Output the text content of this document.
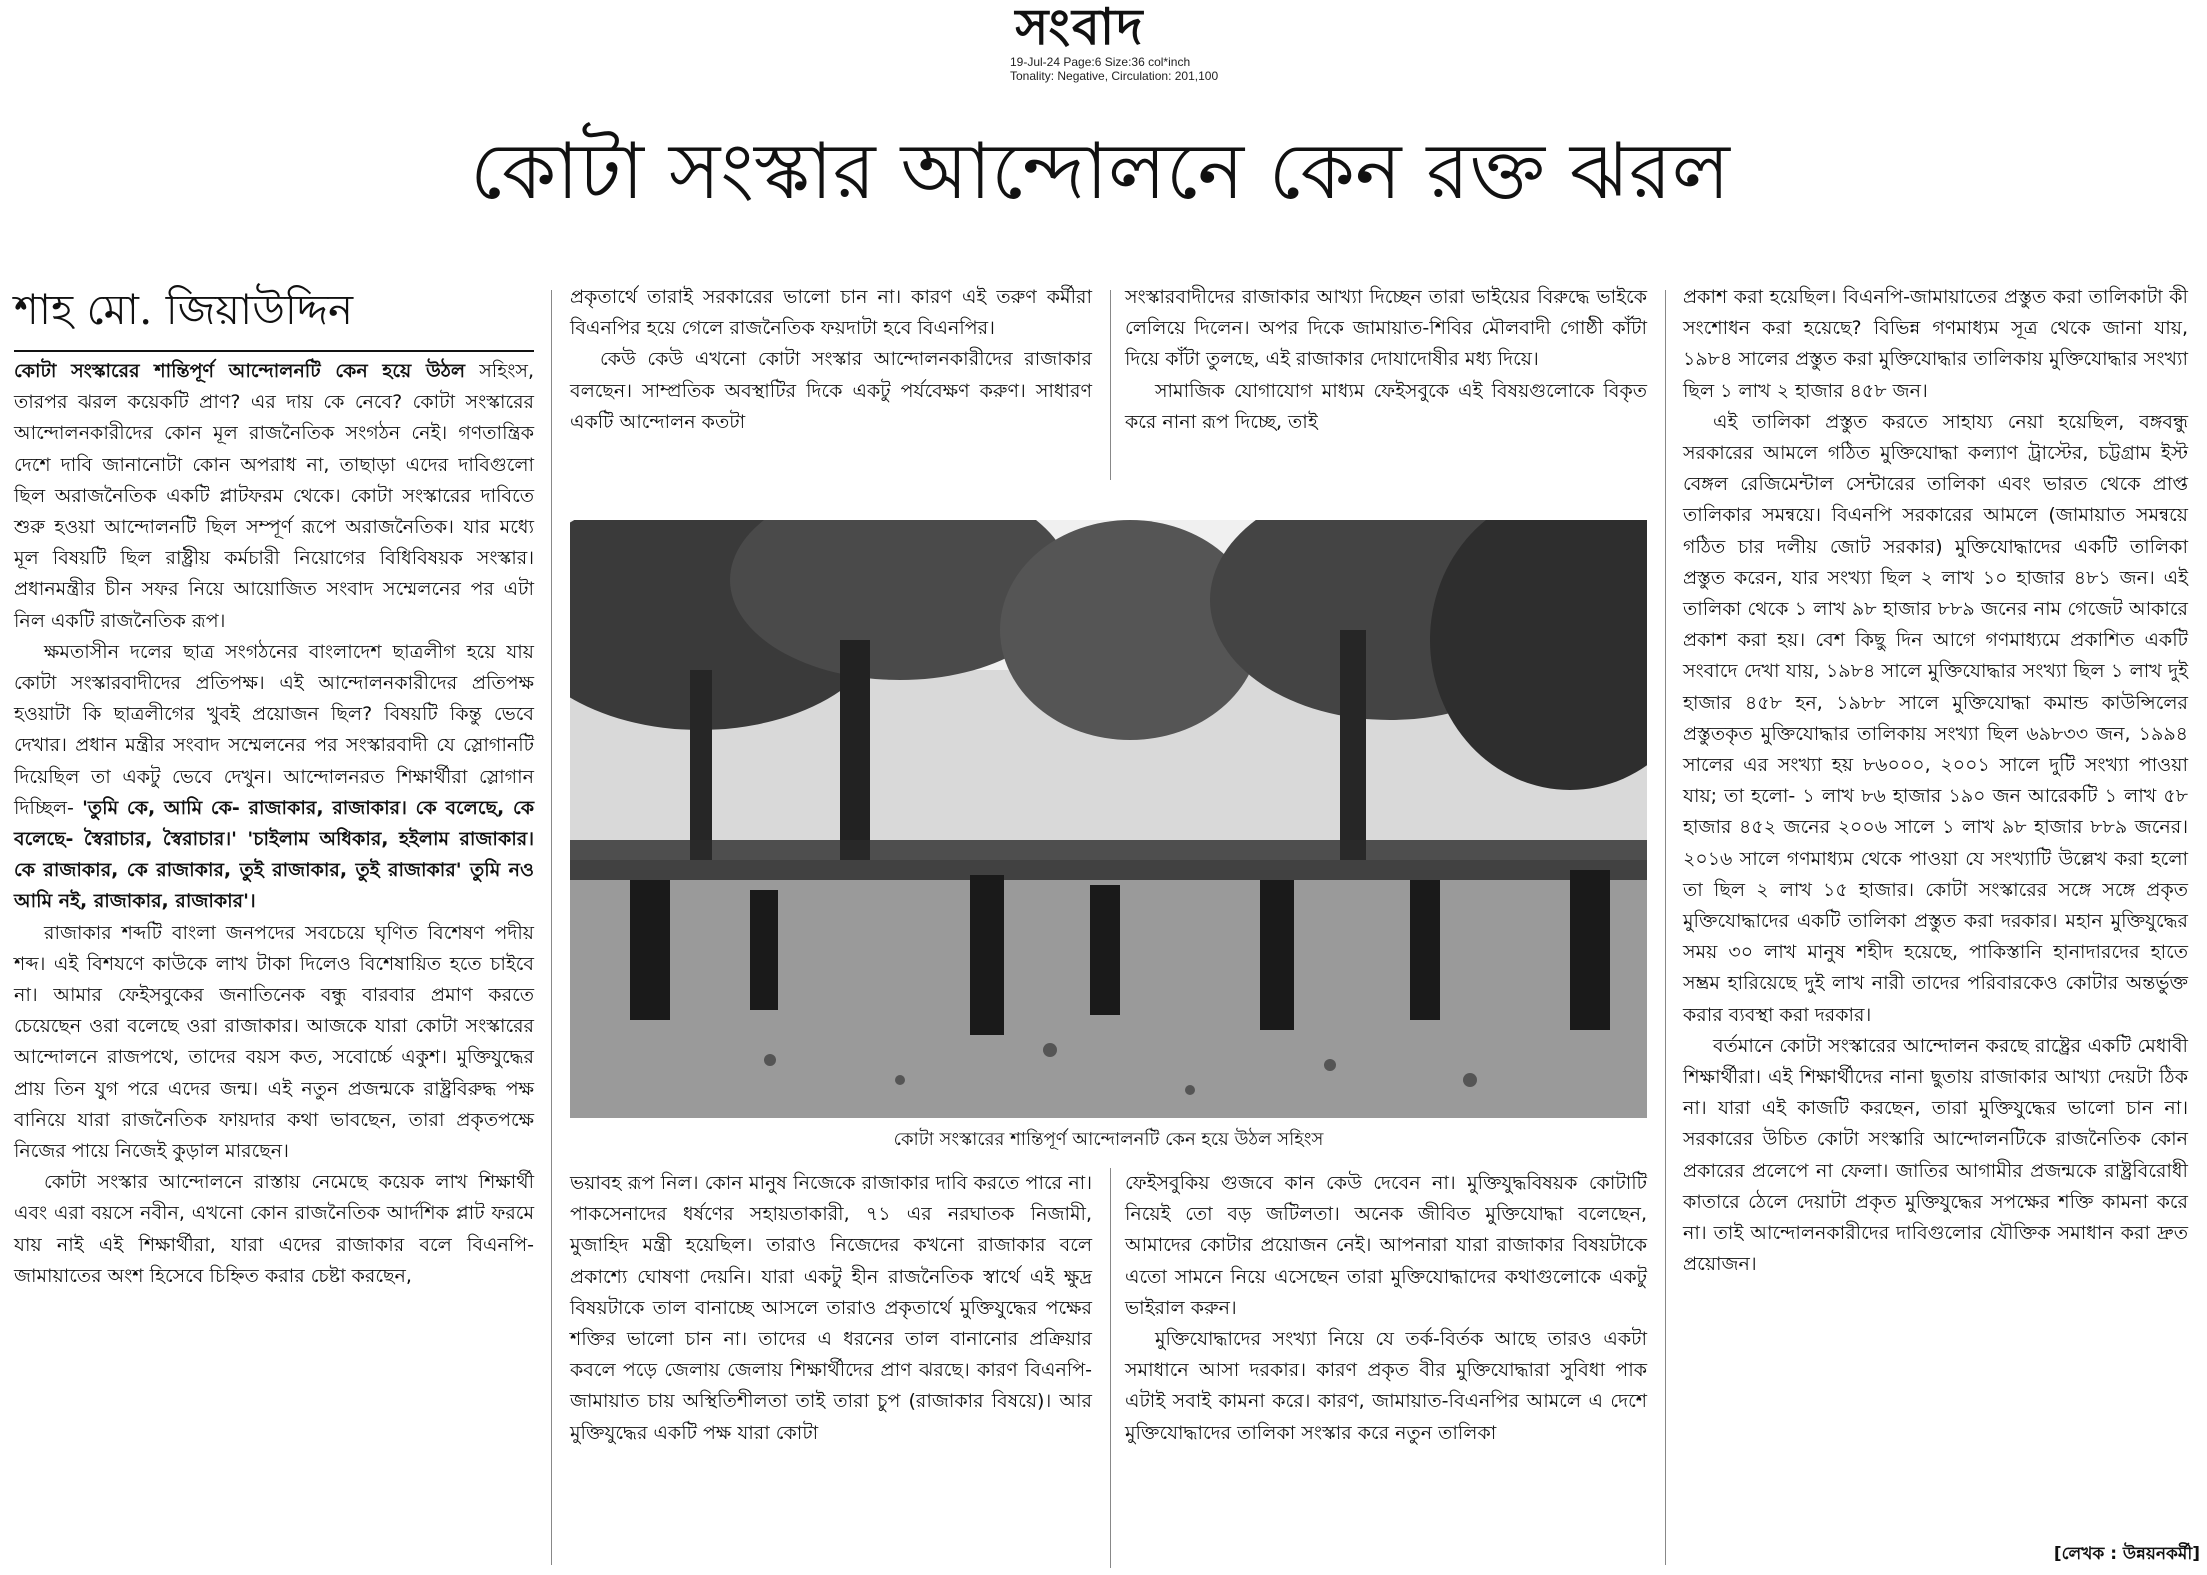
সংবাদ
19-Jul-24 Page:6 Size:36 col*inch
Tonality: Negative, Circulation: 201,100
কোটা সংস্কার আন্দোলনে কেন রক্ত ঝরল
শাহ মো. জিয়াউদ্দিন

কোটা সংস্কারের শান্তিপূর্ণ আন্দোলনটি কেন হয়ে উঠল সহিংস, তারপর ঝরল কয়েকটি প্রাণ? এর দায় কে নেবে? কোটা সংস্কারের আন্দোলনকারীদের কোন মূল রাজনৈতিক সংগঠন নেই। গণতান্ত্রিক দেশে দাবি জানানোটা কোন অপরাধ না, তাছাড়া এদের দাবিগুলো ছিল অরাজনৈতিক একটি প্লাটফরম থেকে। কোটা সংস্কারের দাবিতে শুরু হওয়া আন্দোলনটি ছিল সম্পূর্ণ রূপে অরাজনৈতিক। যার মধ্যে মূল বিষয়টি ছিল রাষ্ট্রীয় কর্মচারী নিয়োগের বিধিবিষয়ক সংস্কার। প্রধানমন্ত্রীর চীন সফর নিয়ে আয়োজিত সংবাদ সম্মেলনের পর এটা নিল একটি রাজনৈতিক রূপ।

ক্ষমতাসীন দলের ছাত্র সংগঠনের বাংলাদেশ ছাত্রলীগ হয়ে যায় কোটা সংস্কারবাদীদের প্রতিপক্ষ। এই আন্দোলনকারীদের প্রতিপক্ষ হওয়াটা কি ছাত্রলীগের খুবই প্রয়োজন ছিল? বিষয়টি কিন্তু ভেবে দেখার। প্রধান মন্ত্রীর সংবাদ সম্মেলনের পর সংস্কারবাদী যে স্লোগানটি দিয়েছিল তা একটু ভেবে দেখুন। আন্দোলনরত শিক্ষার্থীরা স্লোগান দিচ্ছিল- 'তুমি কে, আমি কে- রাজাকার, রাজাকার। কে বলেছে, কে বলেছে- স্বৈরাচার, স্বৈরাচার।' 'চাইলাম অধিকার, হইলাম রাজাকার। কে রাজাকার, কে রাজাকার, তুই রাজাকার, তুই রাজাকার' তুমি নও আমি নই, রাজাকার, রাজাকার'।

রাজাকার শব্দটি বাংলা জনপদের সবচেয়ে ঘৃণিত বিশেষণ পদীয় শব্দ। এই বিশযণে কাউকে লাখ টাকা দিলেও বিশেষায়িত হতে চাইবে না। আমার ফেইসবুকের জনাতিনেক বন্ধু বারবার প্রমাণ করতে চেয়েছেন ওরা বলেছে ওরা রাজাকার। আজকে যারা কোটা সংস্কারের আন্দোলনে রাজপথে, তাদের বয়স কত, সবোর্চ্চে একুশ। মুক্তিযুদ্ধের প্রায় তিন যুগ পরে এদের জন্ম। এই নতুন প্রজন্মকে রাষ্ট্রবিরুদ্ধ পক্ষ বানিয়ে যারা রাজনৈতিক ফায়দার কথা ভাবছেন, তারা প্রকৃতপক্ষে নিজের পায়ে নিজেই কুড়াল মারছেন।

কোটা সংস্কার আন্দোলনে রাস্তায় নেমেছে কয়েক লাখ শিক্ষার্থী এবং এরা বয়সে নবীন, এখনো কোন রাজনৈতিক আর্দশিক প্লাট ফরমে যায় নাই এই শিক্ষার্থীরা, যারা এদের রাজাকার বলে বিএনপি-জামায়াতের অংশ হিসেবে চিহ্নিত করার চেষ্টা করছেন,

প্রকৃতার্থে তারাই সরকারের ভালো চান না। কারণ এই তরুণ কর্মীরা বিএনপির হয়ে গেলে রাজনৈতিক ফয়দাটা হবে বিএনপির।

কেউ কেউ এখনো কোটা সংস্কার আন্দোলনকারীদের রাজাকার বলছেন। সাম্প্রতিক অবস্থাটির দিকে একটু পর্যবেক্ষণ করুণ। সাধারণ একটি আন্দোলন কতটা

সংস্কারবাদীদের রাজাকার আখ্যা দিচ্ছেন তারা ভাইয়ের বিরুদ্ধে ভাইকে লেলিয়ে দিলেন। অপর দিকে জামায়াত-শিবির মৌলবাদী গোষ্ঠী কাঁটা দিয়ে কাঁটা তুলছে, এই রাজাকার দোযাদোষীর মধ্য দিয়ে।

সামাজিক যোগাযোগ মাধ্যম ফেইসবুকে এই বিষয়গুলোকে বিকৃত করে নানা রূপ দিচ্ছে, তাই

কোটা সংস্কারের শান্তিপূর্ণ আন্দোলনটি কেন হয়ে উঠল সহিংস

ভয়াবহ রূপ নিল। কোন মানুষ নিজেকে রাজাকার দাবি করতে পারে না। পাকসেনাদের ধর্ষণের সহায়তাকারী, ৭১ এর নরঘাতক নিজামী, মুজাহিদ মন্ত্রী হয়েছিল। তারাও নিজেদের কখনো রাজাকার বলে প্রকাশ্যে ঘোষণা দেয়নি। যারা একটু হীন রাজনৈতিক স্বার্থে এই ক্ষুদ্র বিষয়টাকে তাল বানাচ্ছে আসলে তারাও প্রকৃতার্থে মুক্তিযুদ্ধের পক্ষের শক্তির ভালো চান না। তাদের এ ধরনের তাল বানানোর প্রক্রিয়ার কবলে পড়ে জেলায় জেলায় শিক্ষার্থীদের প্রাণ ঝরছে। কারণ বিএনপি-জামায়াত চায় অস্থিতিশীলতা তাই তারা চুপ (রাজাকার বিষয়ে)। আর মুক্তিযুদ্ধের একটি পক্ষ যারা কোটা

ফেইসবুকিয় গুজবে কান কেউ দেবেন না। মুক্তিযুদ্ধবিষয়ক কোটাটি নিয়েই তো বড় জটিলতা। অনেক জীবিত মুক্তিযোদ্ধা বলেছেন, আমাদের কোটার প্রয়োজন নেই। আপনারা যারা রাজাকার বিষয়টাকে এতো সামনে নিয়ে এসেছেন তারা মুক্তিযোদ্ধাদের কথাগুলোকে একটু ভাইরাল করুন।

মুক্তিযোদ্ধাদের সংখ্যা নিয়ে যে তর্ক-বির্তক আছে তারও একটা সমাধানে আসা দরকার। কারণ প্রকৃত বীর মুক্তিযোদ্ধারা সুবিধা পাক এটাই সবাই কামনা করে। কারণ, জামায়াত-বিএনপির আমলে এ দেশে মুক্তিযোদ্ধাদের তালিকা সংস্কার করে নতুন তালিকা

প্রকাশ করা হয়েছিল। বিএনপি-জামায়াতের প্রস্তুত করা তালিকাটা কী সংশোধন করা হয়েছে? বিভিন্ন গণমাধ্যম সূত্র থেকে জানা যায়, ১৯৮৪ সালের প্রস্তুত করা মুক্তিযোদ্ধার তালিকায় মুক্তিযোদ্ধার সংখ্যা ছিল ১ লাখ ২ হাজার ৪৫৮ জন।

এই তালিকা প্রস্তুত করতে সাহায্য নেয়া হয়েছিল, বঙ্গবন্ধু সরকারের আমলে গঠিত মুক্তিযোদ্ধা কল্যাণ ট্রাস্টের, চট্টগ্রাম ইস্ট বেঙ্গল রেজিমেন্টাল সেন্টারের তালিকা এবং ভারত থেকে প্রাপ্ত তালিকার সমন্বয়ে। বিএনপি সরকারের আমলে (জামায়াত সমন্বয়ে গঠিত চার দলীয় জোট সরকার) মুক্তিযোদ্ধাদের একটি তালিকা প্রস্তুত করেন, যার সংখ্যা ছিল ২ লাখ ১০ হাজার ৪৮১ জন। এই তালিকা থেকে ১ লাখ ৯৮ হাজার ৮৮৯ জনের নাম গেজেট আকারে প্রকাশ করা হয়। বেশ কিছু দিন আগে গণমাধ্যমে প্রকাশিত একটি সংবাদে দেখা যায়, ১৯৮৪ সালে মুক্তিযোদ্ধার সংখ্যা ছিল ১ লাখ দুই হাজার ৪৫৮ হন, ১৯৮৮ সালে মুক্তিযোদ্ধা কমান্ড কাউন্সিলের প্রস্তুতকৃত মুক্তিযোদ্ধার তালিকায় সংখ্যা ছিল ৬৯৮৩৩ জন, ১৯৯৪ সালের এর সংখ্যা হয় ৮৬০০০, ২০০১ সালে দুটি সংখ্যা পাওয়া যায়; তা হলো- ১ লাখ ৮৬ হাজার ১৯০ জন আরেকটি ১ লাখ ৫৮ হাজার ৪৫২ জনের ২০০৬ সালে ১ লাখ ৯৮ হাজার ৮৮৯ জনের। ২০১৬ সালে গণমাধ্যম থেকে পাওয়া যে সংখ্যাটি উল্লেখ করা হলো তা ছিল ২ লাখ ১৫ হাজার। কোটা সংস্কারের সঙ্গে সঙ্গে প্রকৃত মুক্তিযোদ্ধাদের একটি তালিকা প্রস্তুত করা দরকার। মহান মুক্তিযুদ্ধের সময় ৩০ লাখ মানুষ শহীদ হয়েছে, পাকিস্তানি হানাদারদের হাতে সম্ভ্রম হারিয়েছে দুই লাখ নারী তাদের পরিবারকেও কোটার অন্তর্ভুক্ত করার ব্যবস্থা করা দরকার।

বর্তমানে কোটা সংস্কারের আন্দোলন করছে রাষ্ট্রের একটি মেধাবী শিক্ষার্থীরা। এই শিক্ষার্থীদের নানা ছুতায় রাজাকার আখ্যা দেয়টা ঠিক না। যারা এই কাজটি করছেন, তারা মুক্তিযুদ্ধের ভালো চান না। সরকারের উচিত কোটা সংস্কারি আন্দোলনটিকে রাজনৈতিক কোন প্রকারের প্রলেপে না ফেলা। জাতির আগামীর প্রজন্মকে রাষ্ট্রবিরোধী কাতারে ঠেলে দেয়াটা প্রকৃত মুক্তিযুদ্ধের সপক্ষের শক্তি কামনা করে না। তাই আন্দোলনকারীদের দাবিগুলোর যৌক্তিক সমাধান করা দ্রুত প্রয়োজন।

[লেখক : উন্নয়নকর্মী]
